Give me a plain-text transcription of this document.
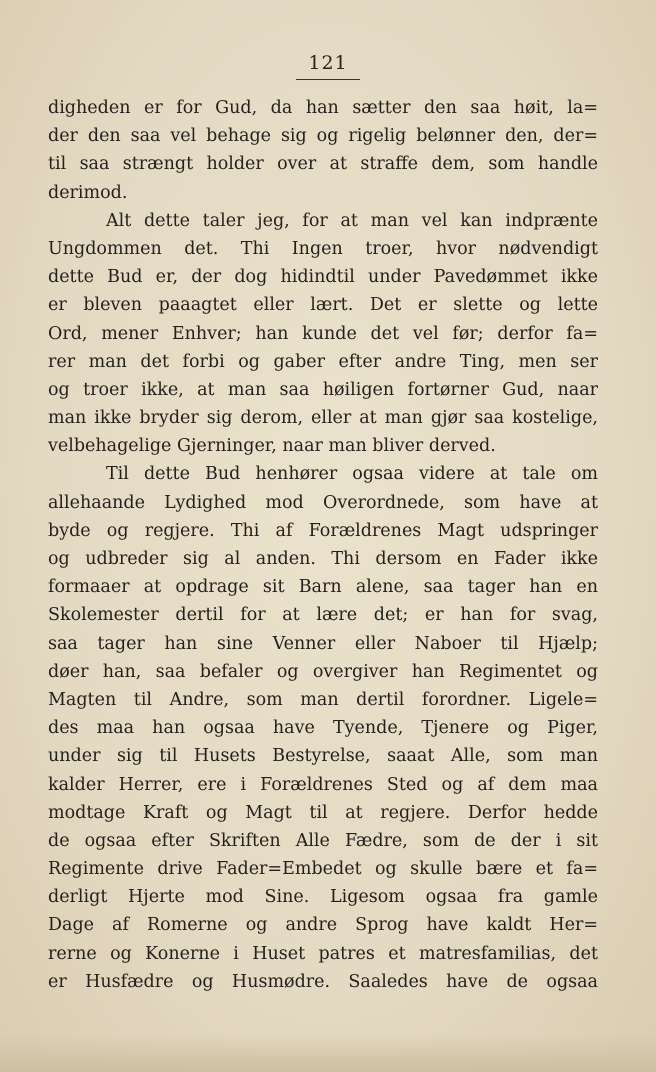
121
digheden er for Gud, da han sætter den saa høit, la=
der den saa vel behage sig og rigelig belønner den, der=
til saa strængt holder over at straffe dem, som handle
derimod.
Alt dette taler jeg, for at man vel kan indprænte
Ungdommen det. Thi Ingen troer, hvor nødvendigt
dette Bud er, der dog hidindtil under Pavedømmet ikke
er bleven paaagtet eller lært. Det er slette og lette
Ord, mener Enhver; han kunde det vel før; derfor fa=
rer man det forbi og gaber efter andre Ting, men ser
og troer ikke, at man saa høiligen fortørner Gud, naar
man ikke bryder sig derom, eller at man gjør saa kostelige,
velbehagelige Gjerninger, naar man bliver derved.
Til dette Bud henhører ogsaa videre at tale om
allehaande Lydighed mod Overordnede, som have at
byde og regjere. Thi af Forældrenes Magt udspringer
og udbreder sig al anden. Thi dersom en Fader ikke
formaaer at opdrage sit Barn alene, saa tager han en
Skolemester dertil for at lære det; er han for svag,
saa tager han sine Venner eller Naboer til Hjælp;
døer han, saa befaler og overgiver han Regimentet og
Magten til Andre, som man dertil forordner. Ligele=
des maa han ogsaa have Tyende, Tjenere og Piger,
under sig til Husets Bestyrelse, saaat Alle, som man
kalder Herrer, ere i Forældrenes Sted og af dem maa
modtage Kraft og Magt til at regjere. Derfor hedde
de ogsaa efter Skriften Alle Fædre, som de der i sit
Regimente drive Fader=Embedet og skulle bære et fa=
derligt Hjerte mod Sine. Ligesom ogsaa fra gamle
Dage af Romerne og andre Sprog have kaldt Her=
rerne og Konerne i Huset patres et matresfamilias, det
er Husfædre og Husmødre. Saaledes have de ogsaa
